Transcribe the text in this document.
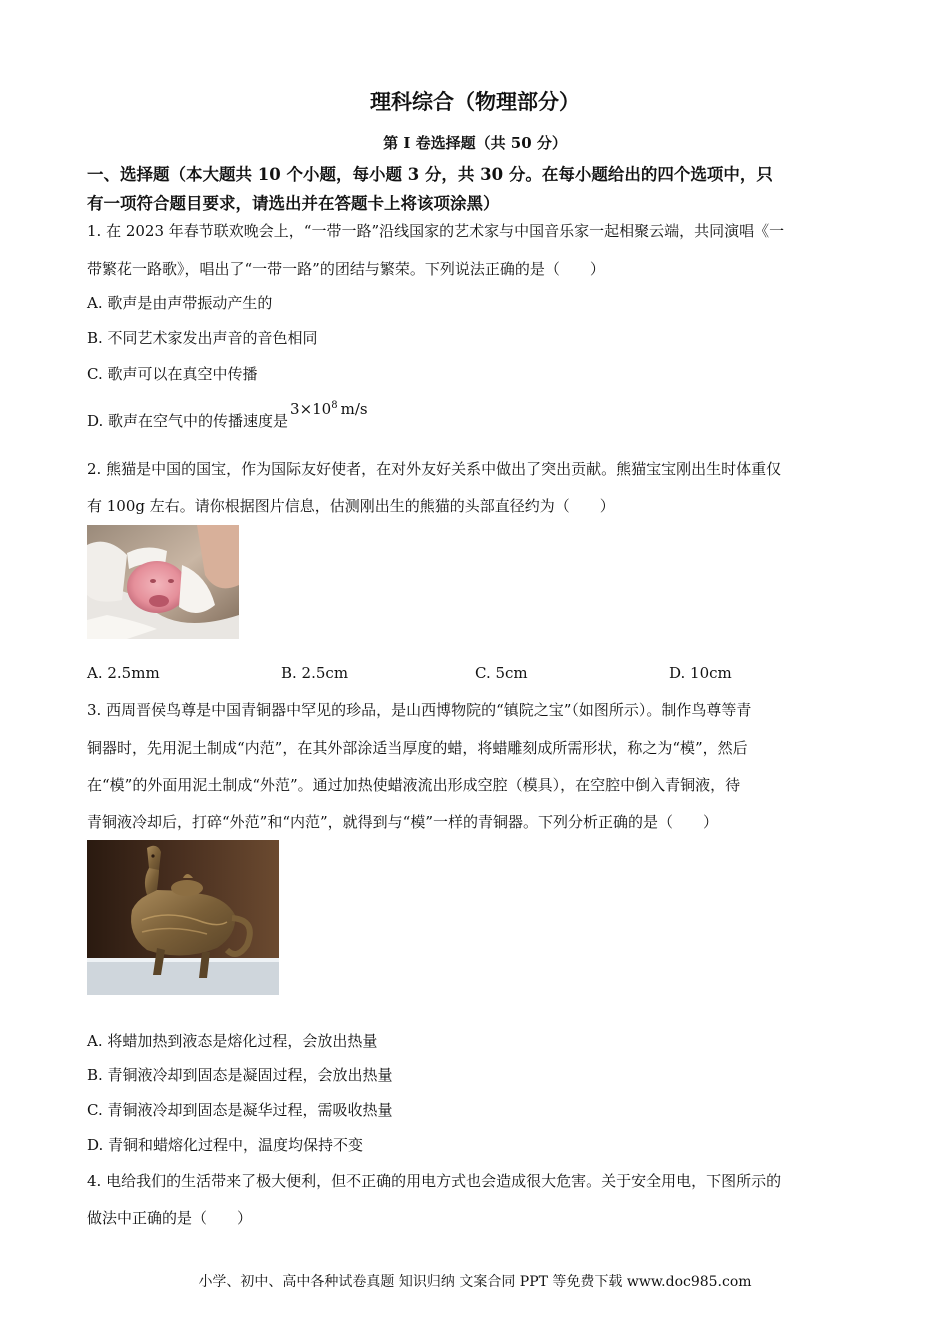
理科综合（物理部分）
第 I 卷选择题（共 50 分）
一、选择题（本大题共 10 个小题，每小题 3 分，共 30 分。在每小题给出的四个选项中，只
有一项符合题目要求，请选出并在答题卡上将该项涂黑）
1. 在 2023 年春节联欢晚会上，“一带一路”沿线国家的艺术家与中国音乐家一起相聚云端，共同演唱《一
带繁花一路歌》，唱出了“一带一路”的团结与繁荣。下列说法正确的是（　　）
A. 歌声是由声带振动产生的
B. 不同艺术家发出声音的音色相同
C. 歌声可以在真空中传播
D. 歌声在空气中的传播速度是$3\times 10^8$ m/s
2. 熊猫是中国的国宝，作为国际友好使者，在对外友好关系中做出了突出贡献。熊猫宝宝刚出生时体重仅
有 100g 左右。请你根据图片信息，估测刚出生的熊猫的头部直径约为（　　）
A. 2.5mm	B. 2.5cm	C. 5cm	D. 10cm
3. 西周晋侯鸟尊是中国青铜器中罕见的珍品，是山西博物院的“镇院之宝”（如图所示）。制作鸟尊等青
铜器时，先用泥土制成“内范”，在其外部涂适当厚度的蜡，将蜡雕刻成所需形状，称之为“模”，然后
在“模”的外面用泥土制成“外范”。通过加热使蜡液流出形成空腔（模具），在空腔中倒入青铜液，待
青铜液冷却后，打碎“外范”和“内范”，就得到与“模”一样的青铜器。下列分析正确的是（　　）
A. 将蜡加热到液态是熔化过程，会放出热量
B. 青铜液冷却到固态是凝固过程，会放出热量
C. 青铜液冷却到固态是凝华过程，需吸收热量
D. 青铜和蜡熔化过程中，温度均保持不变
4. 电给我们的生活带来了极大便利，但不正确的用电方式也会造成很大危害。关于安全用电，下图所示的
做法中正确的是（　　）
小学、初中、高中各种试卷真题 知识归纳 文案合同 PPT 等免费下载 www.doc985.com
